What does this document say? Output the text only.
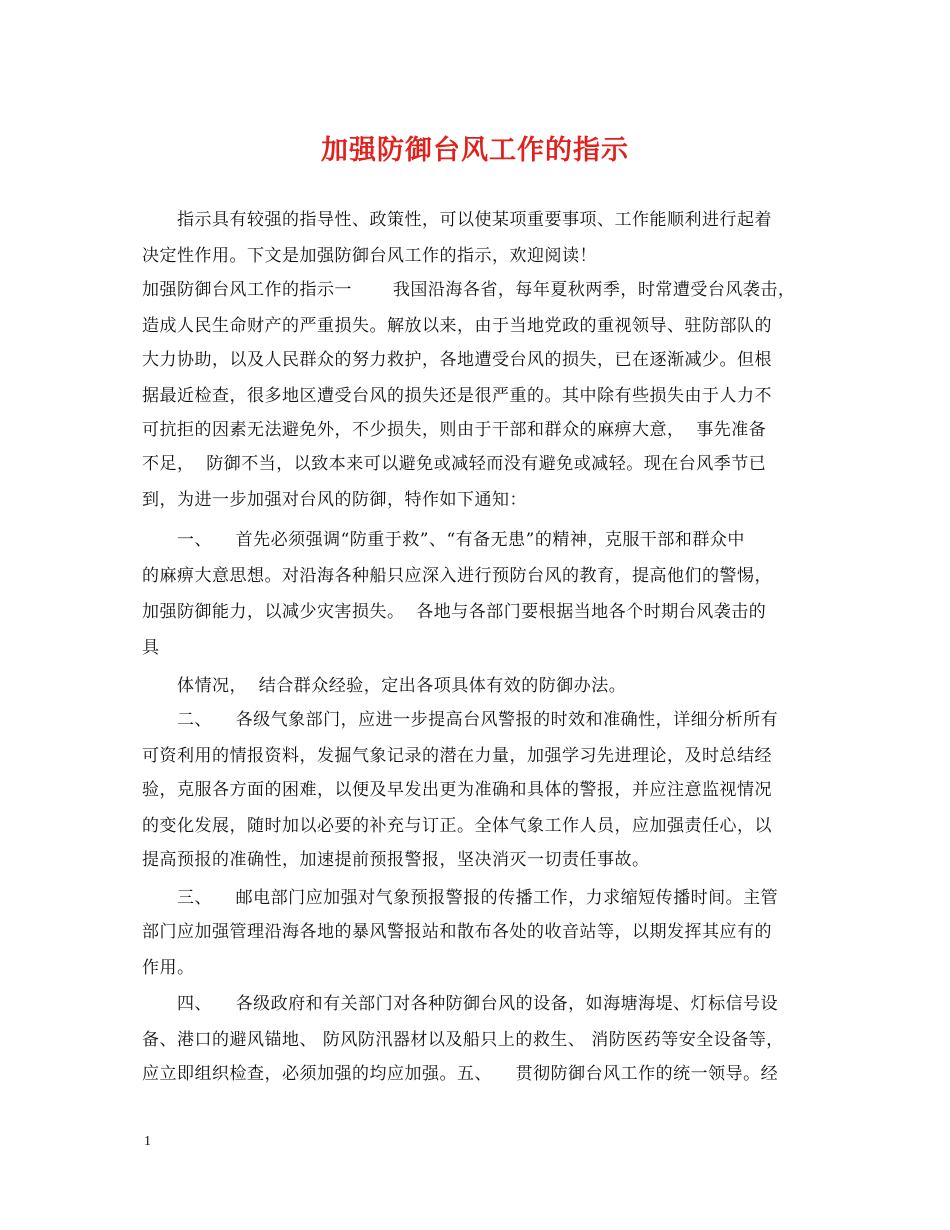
加强防御台风工作的指示
指示具有较强的指导性、政策性，可以使某项重要事项、工作能顺利进行起着
决定性作用。下文是加强防御台风工作的指示，欢迎阅读！
加强防御台风工作的指示一　　 我国沿海各省，每年夏秋两季，时常遭受台风袭击，
造成人民生命财产的严重损失。解放以来，由于当地党政的重视领导、驻防部队的
大力协助，以及人民群众的努力救护，各地遭受台风的损失，已在逐渐减少。但根
据最近检查，很多地区遭受台风的损失还是很严重的。其中除有些损失由于人力不
可抗拒的因素无法避免外，不少损失，则由于干部和群众的麻痹大意，  事先准备
不足，  防御不当，以致本来可以避免或减轻而没有避免或减轻。现在台风季节已
到，为进一步加强对台风的防御，特作如下通知：
一、    首先必须强调“防重于救”、“有备无患”的精神，克服干部和群众中
的麻痹大意思想。对沿海各种船只应深入进行预防台风的教育，提高他们的警惕，
加强防御能力，以减少灾害损失。  各地与各部门要根据当地各个时期台风袭击的
具
体情况，  结合群众经验，定出各项具体有效的防御办法。
二、    各级气象部门，应进一步提高台风警报的时效和准确性，详细分析所有
可资利用的情报资料，发掘气象记录的潜在力量，加强学习先进理论，及时总结经
验，克服各方面的困难，以便及早发出更为准确和具体的警报，并应注意监视情况
的变化发展，随时加以必要的补充与订正。全体气象工作人员，应加强责任心，以
提高预报的准确性，加速提前预报警报，坚决消灭一切责任事故。
三、    邮电部门应加强对气象预报警报的传播工作，力求缩短传播时间。主管
部门应加强管理沿海各地的暴风警报站和散布各处的收音站等，以期发挥其应有的
作用。
四、    各级政府和有关部门对各种防御台风的设备，如海塘海堤、灯标信号设
备、港口的避风锚地、 防风防汛器材以及船只上的救生、 消防医药等安全设备等，
应立即组织检查，必须加强的均应加强。五、    贯彻防御台风工作的统一领导。经
1
